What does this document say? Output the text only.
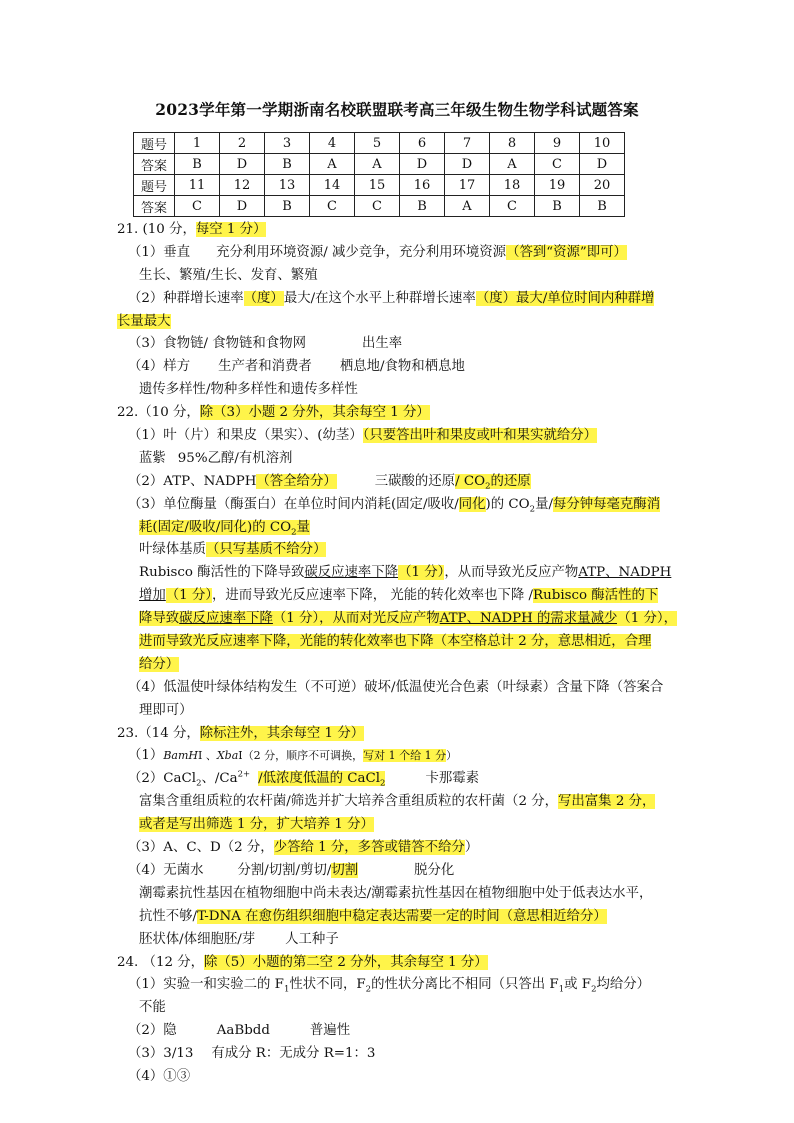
2023学年第一学期浙南名校联盟联考高三年级生物生物学科试题答案
题号	1	2	3	4	5	6	7	8	9	10
答案	B	D	B	A	A	D	D	A	C	D
题号	11	12	13	14	15	16	17	18	19	20
答案	C	D	B	C	C	B	A	C	B	B
21. (10 分，每空 1 分）
（1）垂直 充分利用环境资源/ 减少竞争，充分利用环境资源（答到“资源”即可）
生长、繁殖/生长、发育、繁殖
（2）种群增长速率（度）最大/在这个水平上种群增长速率（度）最大/单位时间内种群增
长量最大
（3）食物链/ 食物链和食物网	出生率
（4）样方 生产者和消费者 栖息地/食物和栖息地
遗传多样性/物种多样性和遗传多样性
22.（10 分，除（3）小题 2 分外，其余每空 1 分）
（1）叶（片）和果皮（果实）、(幼茎）（只要答出叶和果皮或叶和果实就给分）
蓝紫 95%乙醇/有机溶剂
（2）ATP、NADPH（答全给分）	三碳酸的还原/ $CO_2$的还原
（3）单位酶量（酶蛋白）在单位时间内消耗(固定/吸收/同化)的 $CO_2$量/每分钟每毫克酶消
耗(固定/吸收/同化)的 $CO_2$量
叶绿体基质（只写基质不给分）
Rubisco 酶活性的下降导致碳反应速率下降（1 分），从而导致光反应产物ATP、NADPH
增加（1 分），进而导致光反应速率下降， 光能的转化效率也下降 /Rubisco 酶活性的下
降导致碳反应速率下降（1 分），从而对光反应产物ATP、NADPH 的需求量减少（1 分），
进而导致光反应速率下降，光能的转化效率也下降（本空格总计 2 分，意思相近，合理
给分）
（4）低温使叶绿体结构发生（不可逆）破坏/低温使光合色素（叶绿素）含量下降（答案合
理即可）
23.（14 分，除标注外，其余每空 1 分）
（1）BamHⅠ 、XbaⅠ（2 分，顺序不可调换，写对 1 个给 1 分）
（2）CaCl$_2$、$/Ca^{2+}$ /低浓度低温的 CaCl$_2$	卡那霉素
富集含重组质粒的农杆菌/筛选并扩大培养含重组质粒的农杆菌（2 分，写出富集 2 分，
或者是写出筛选 1 分，扩大培养 1 分）
（3）A、C、D（2 分，少答给 1 分，多答或错答不给分）
（4）无菌水	分割/切割/剪切/切割	脱分化
潮霉素抗性基因在植物细胞中尚未表达/潮霉素抗性基因在植物细胞中处于低表达水平，
抗性不够/T-DNA 在愈伤组织细胞中稳定表达需要一定的时间（意思相近给分）
胚状体/体细胞胚/芽 人工种子
24. （12 分，除（5）小题的第二空 2 分外，其余每空 1 分）
（1）实验一和实验二的 $F_1$性状不同，$F_2$的性状分离比不相同（只答出 $F_1$或 $F_2$均给分）
不能
（2）隐	AaBbdd	普遍性
（3）3/13 有成分 R：无成分 R=1：3
（4）①③
